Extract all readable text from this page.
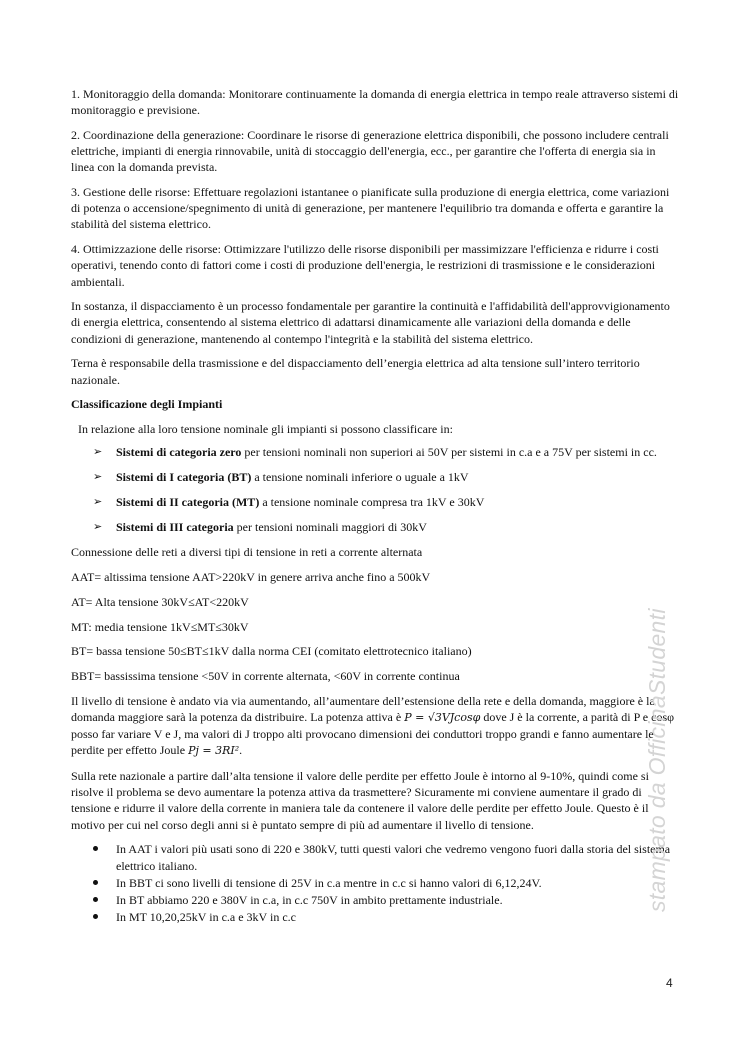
1. Monitoraggio della domanda: Monitorare continuamente la domanda di energia elettrica in tempo reale attraverso sistemi di monitoraggio e previsione.

2. Coordinazione della generazione: Coordinare le risorse di generazione elettrica disponibili, che possono includere centrali elettriche, impianti di energia rinnovabile, unità di stoccaggio dell'energia, ecc., per garantire che l'offerta di energia sia in linea con la domanda prevista.

3. Gestione delle risorse: Effettuare regolazioni istantanee o pianificate sulla produzione di energia elettrica, come variazioni di potenza o accensione/spegnimento di unità di generazione, per mantenere l'equilibrio tra domanda e offerta e garantire la stabilità del sistema elettrico.

4. Ottimizzazione delle risorse: Ottimizzare l'utilizzo delle risorse disponibili per massimizzare l'efficienza e ridurre i costi operativi, tenendo conto di fattori come i costi di produzione dell'energia, le restrizioni di trasmissione e le considerazioni ambientali.

In sostanza, il dispacciamento è un processo fondamentale per garantire la continuità e l'affidabilità dell'approvvigionamento di energia elettrica, consentendo al sistema elettrico di adattarsi dinamicamente alle variazioni della domanda e delle condizioni di generazione, mantenendo al contempo l'integrità e la stabilità del sistema elettrico.

Terna è responsabile della trasmissione e del dispacciamento dell’energia elettrica ad alta tensione sull’intero territorio nazionale.

Classificazione degli Impianti

In relazione alla loro tensione nominale gli impianti si possono classificare in:

➢ Sistemi di categoria zero per tensioni nominali non superiori ai 50V per sistemi in c.a e a 75V per sistemi in cc.
➢ Sistemi di I categoria (BT) a tensione nominali inferiore o uguale a 1kV
➢ Sistemi di II categoria (MT) a tensione nominale compresa tra 1kV e 30kV
➢ Sistemi di III categoria per tensioni nominali maggiori di 30kV

Connessione delle reti a diversi tipi di tensione in reti a corrente alternata

AAT= altissima tensione AAT>220kV in genere arriva anche fino a 500kV

AT= Alta tensione 30kV≤AT<220kV

MT: media tensione 1kV≤MT≤30kV

BT= bassa tensione 50≤BT≤1kV dalla norma CEI (comitato elettrotecnico italiano)

BBT= bassissima tensione <50V in corrente alternata, <60V in corrente continua

Il livello di tensione è andato via via aumentando, all’aumentare dell’estensione della rete e della domanda, maggiore è la domanda maggiore sarà la potenza da distribuire. La potenza attiva è P = √3VJcosφ dove J è la corrente, a parità di P e cosφ posso far variare V e J, ma valori di J troppo alti provocano dimensioni dei conduttori troppo grandi e fanno aumentare le perdite per effetto Joule Pj = 3RI².

Sulla rete nazionale a partire dall’alta tensione il valore delle perdite per effetto Joule è intorno al 9-10%, quindi come si risolve il problema se devo aumentare la potenza attiva da trasmettere? Sicuramente mi conviene aumentare il grado di tensione e ridurre il valore della corrente in maniera tale da contenere il valore delle perdite per effetto Joule. Questo è il motivo per cui nel corso degli anni si è puntato sempre di più ad aumentare il livello di tensione.

In AAT i valori più usati sono di 220 e 380kV, tutti questi valori che vedremo vengono fuori dalla storia del sistema elettrico italiano.
In BBT ci sono livelli di tensione di 25V in c.a mentre in c.c si hanno valori di 6,12,24V.
In BT abbiamo 220 e 380V in c.a, in c.c 750V in ambito prettamente industriale.
In MT 10,20,25kV in c.a e 3kV in c.c
stampato da OfficinaStudenti
4
